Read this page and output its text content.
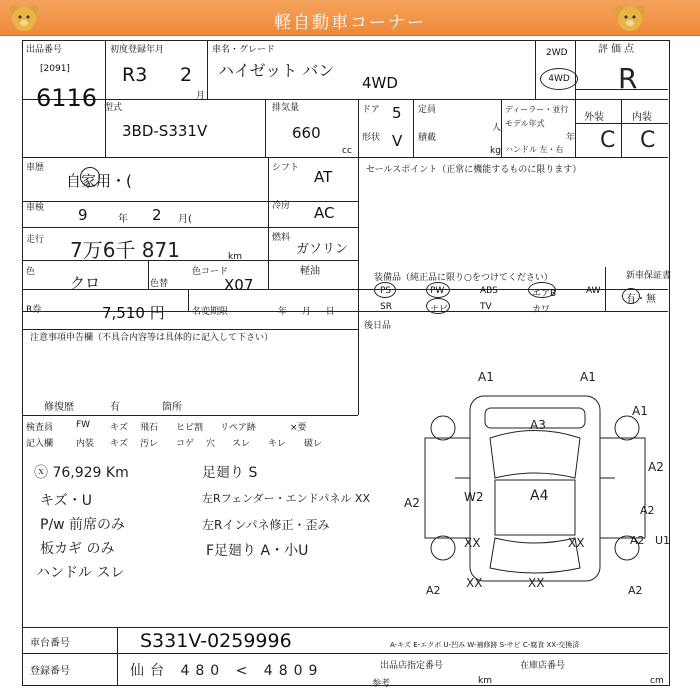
軽自動車コーナー
出品番号
[2091]
6116
初度登録年月
R3 2
月
車名・グレード
ハイゼット バン
4WD
2WD
4WD
評価点
R
型式
3BD-S331V
排気量
660
cc
ドア 5
形状 V
定員
人
積載
kg
ディーラー・並行
モデル年式
年
ハンドル 左・右
外装	内装
C C
車歴
自家用・(
シフト AT
車検 9	年 2 月(
冷房 AC
走行 7万6千 871	km
燃料
ガソリン
軽油
色
クロ	色替
色コード
X07
R券	7,510 円	名変期限	年 月 日
注意事項申告欄（不具合内容等は具体的に記入して下さい）
修復歴	有	箇所
セールスポイント（正常に機能するものに限ります）
装備品（純正品に限り○をつけてください）
PS	PW	ABS	エアB	AW
SR	ナビ	TV	カワ
新車保証書
有・無
後日品
検査員
記入欄
FW キズ 飛石 ヒビ割 リペア跡	×要
内装 キズ 汚レ コゲ 穴 スレ キレ 破レ
ⓧ 76,929 Km
キズ・U
P/w 前席のみ
板カギ のみ
ハンドル スレ
足廻り S
左Rフェンダー・エンドパネル XX
左Rインパネ修正・歪み
F足廻り A・小U
A1	A1
A1
A3
A2
A2	W2	A4
XX	XX
A2
U1
A2
XX	XX
A2	A2
A-キズ E-エクボ U-凹み W-補修跡 S-サビ C-腐食 XX-交換済
車台番号	S331V-0259996
登録番号	仙台 480 < 4809	出品店指定番号
参考	km
在庫店番号
cm
